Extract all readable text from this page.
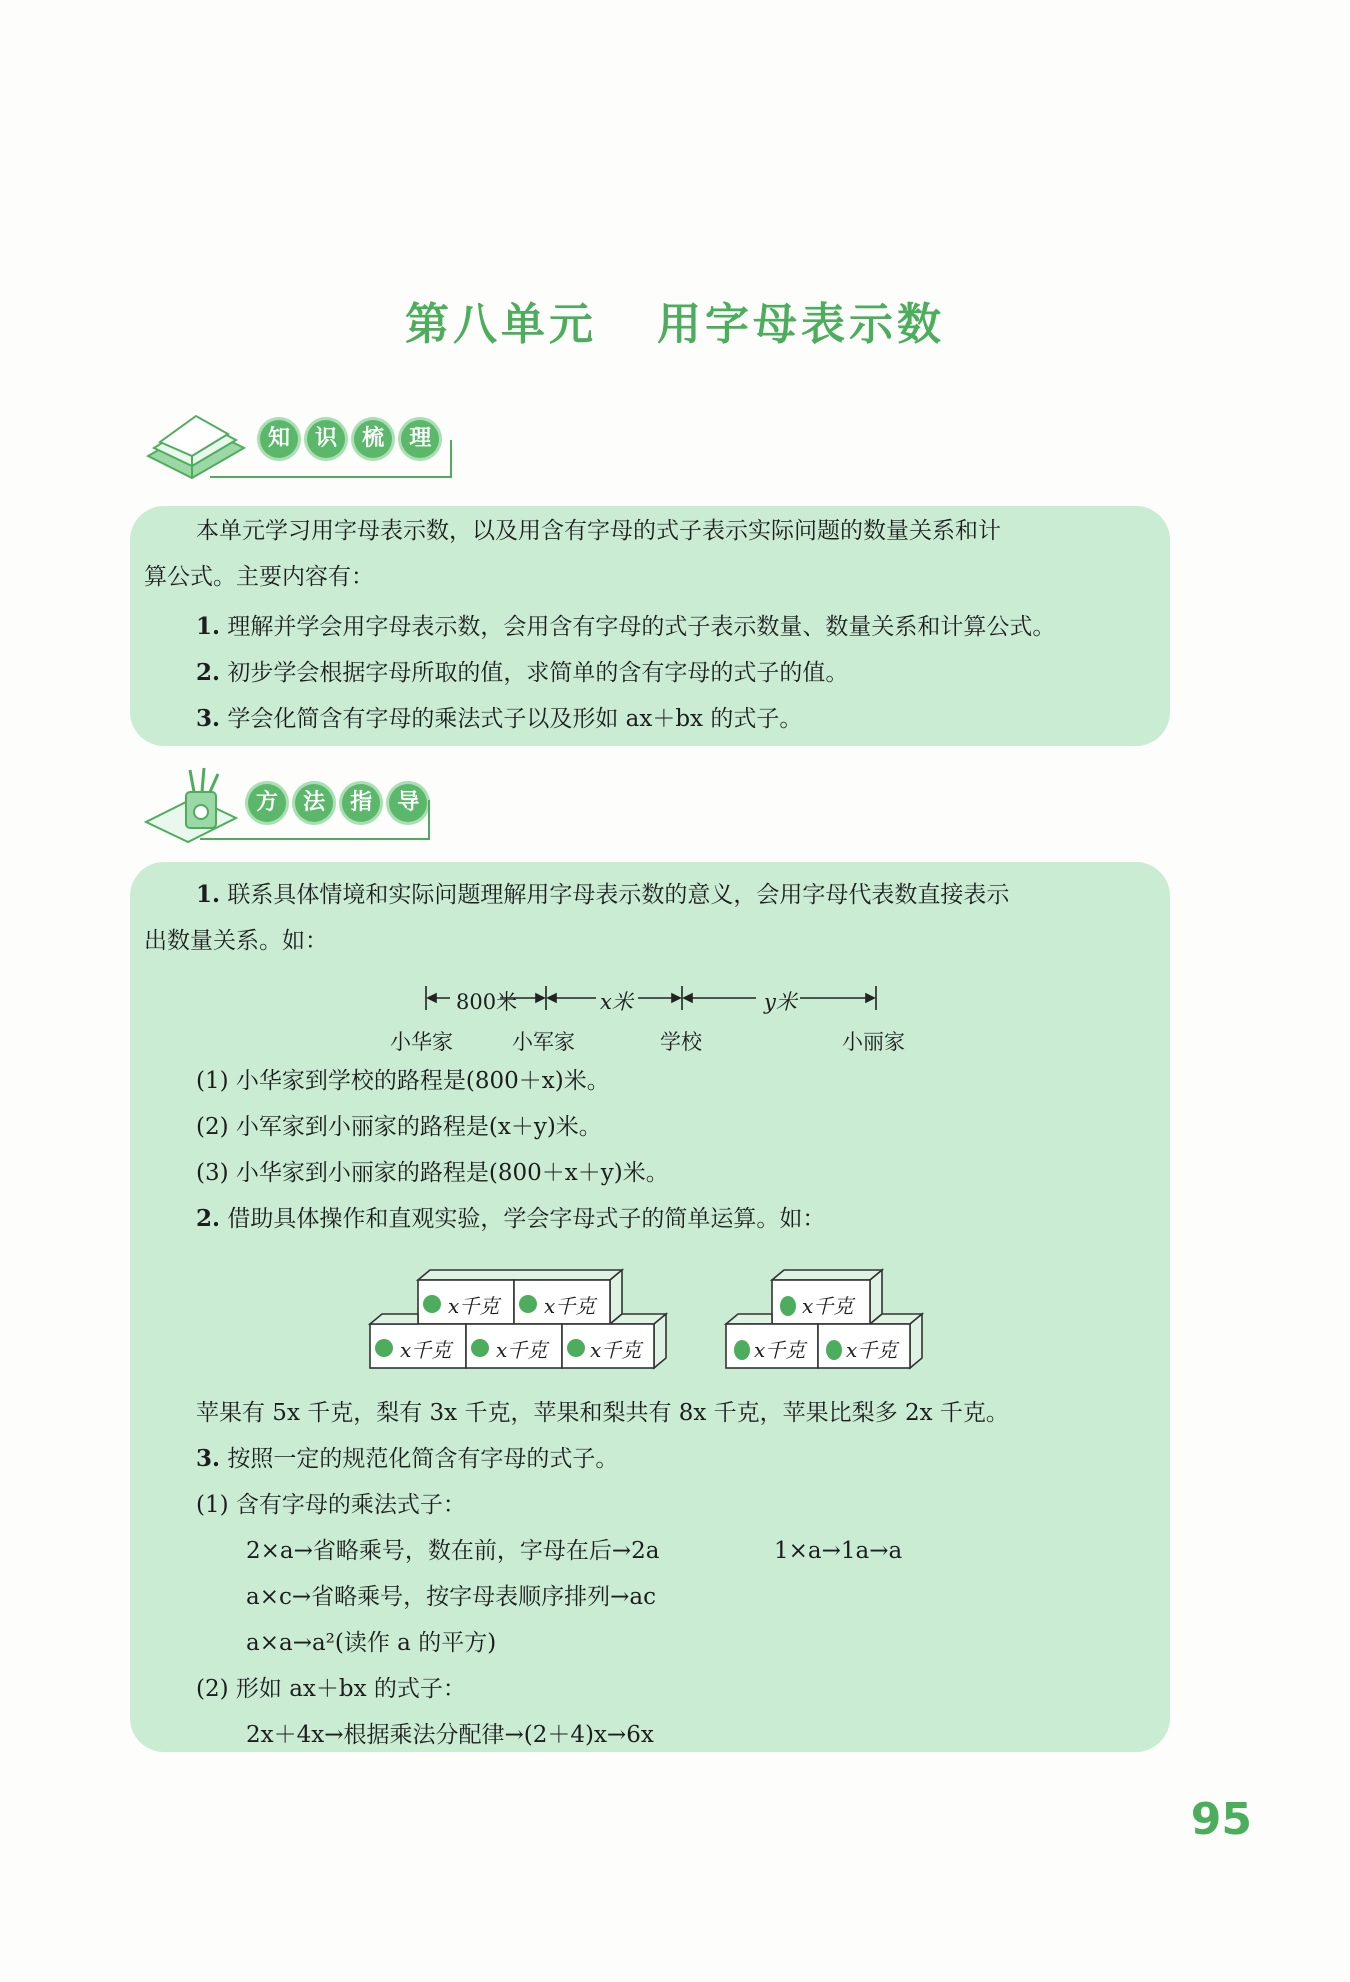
第八单元 用字母表示数
知 识 梳 理
本单元学习用字母表示数，以及用含有字母的式子表示实际问题的数量关系和计
算公式。主要内容有：
1. 理解并学会用字母表示数，会用含有字母的式子表示数量、数量关系和计算公式。
2. 初步学会根据字母所取的值，求简单的含有字母的式子的值。
3. 学会化简含有字母的乘法式子以及形如 ax＋bx 的式子。
方 法 指 导
1. 联系具体情境和实际问题理解用字母表示数的意义，会用字母代表数直接表示
出数量关系。如：
800米	x米	y米
小华家	小军家	学校	小丽家
(1) 小华家到学校的路程是(800＋x)米。
(2) 小军家到小丽家的路程是(x＋y)米。
(3) 小华家到小丽家的路程是(800＋x＋y)米。
2. 借助具体操作和直观实验，学会字母式子的简单运算。如：
x千克 x千克
x千克 x千克 x千克
x千克
x千克 x千克
苹果有 5x 千克，梨有 3x 千克，苹果和梨共有 8x 千克，苹果比梨多 2x 千克。
3. 按照一定的规范化简含有字母的式子。
(1) 含有字母的乘法式子：
2×a→省略乘号，数在前，字母在后→2a	1×a→1a→a
a×c→省略乘号，按字母表顺序排列→ac
a×a→a²(读作 a 的平方)
(2) 形如 ax＋bx 的式子：
2x＋4x→根据乘法分配律→(2＋4)x→6x
95
